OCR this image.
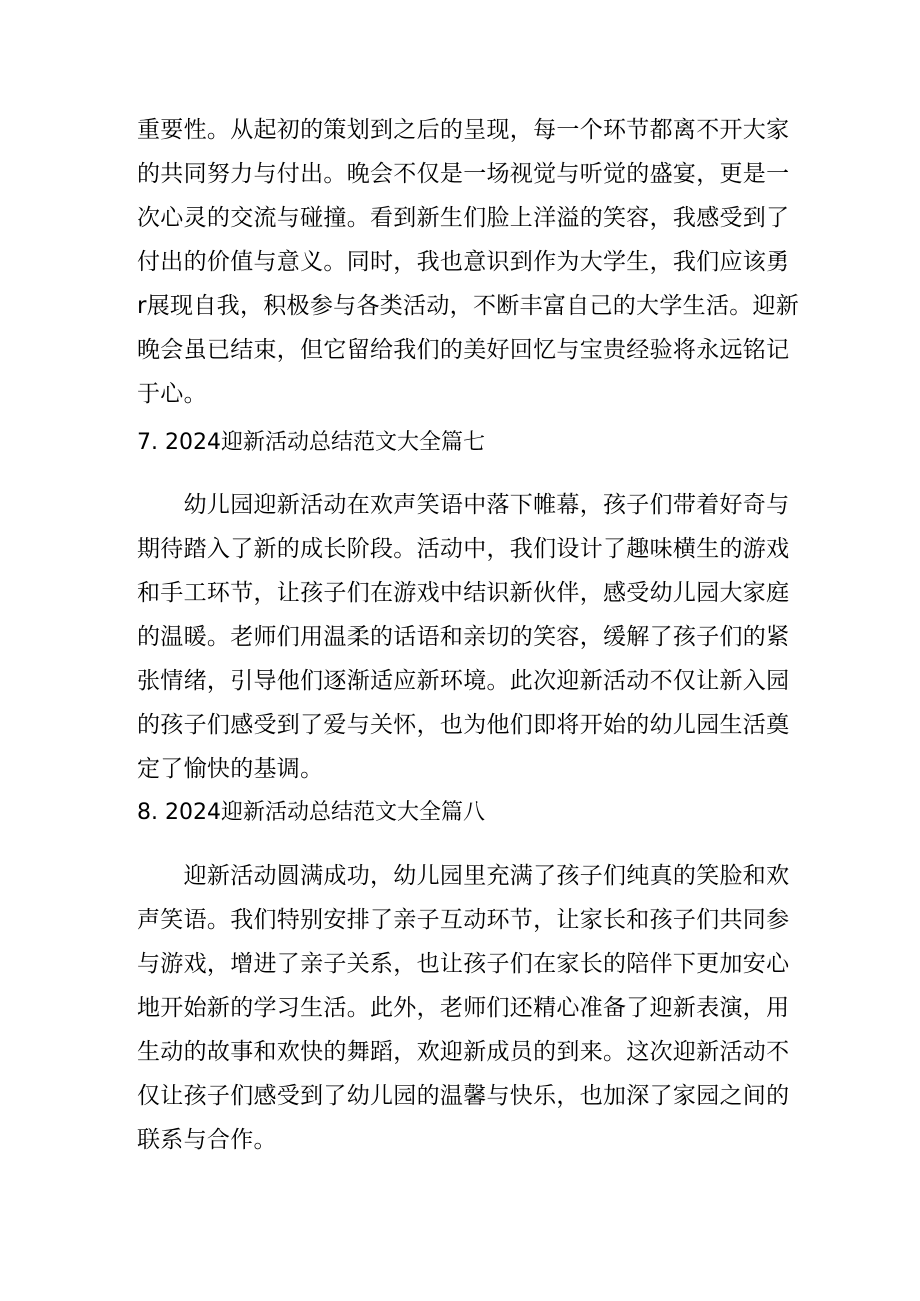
重要性。从起初的策划到之后的呈现，每一个环节都离不开大家
的共同努力与付出。晚会不仅是一场视觉与听觉的盛宴，更是一
次心灵的交流与碰撞。看到新生们脸上洋溢的笑容，我感受到了
付出的价值与意义。同时，我也意识到作为大学生，我们应该勇
r展现自我，积极参与各类活动，不断丰富自己的大学生活。迎新
晚会虽已结束，但它留给我们的美好回忆与宝贵经验将永远铭记
于心。
7. 2024迎新活动总结范文大全篇七
　　幼儿园迎新活动在欢声笑语中落下帷幕，孩子们带着好奇与
期待踏入了新的成长阶段。活动中，我们设计了趣味横生的游戏
和手工环节，让孩子们在游戏中结识新伙伴，感受幼儿园大家庭
的温暖。老师们用温柔的话语和亲切的笑容，缓解了孩子们的紧
张情绪，引导他们逐渐适应新环境。此次迎新活动不仅让新入园
的孩子们感受到了爱与关怀，也为他们即将开始的幼儿园生活奠
定了愉快的基调。
8. 2024迎新活动总结范文大全篇八
　　迎新活动圆满成功，幼儿园里充满了孩子们纯真的笑脸和欢
声笑语。我们特别安排了亲子互动环节，让家长和孩子们共同参
与游戏，增进了亲子关系，也让孩子们在家长的陪伴下更加安心
地开始新的学习生活。此外，老师们还精心准备了迎新表演，用
生动的故事和欢快的舞蹈，欢迎新成员的到来。这次迎新活动不
仅让孩子们感受到了幼儿园的温馨与快乐，也加深了家园之间的
联系与合作。
